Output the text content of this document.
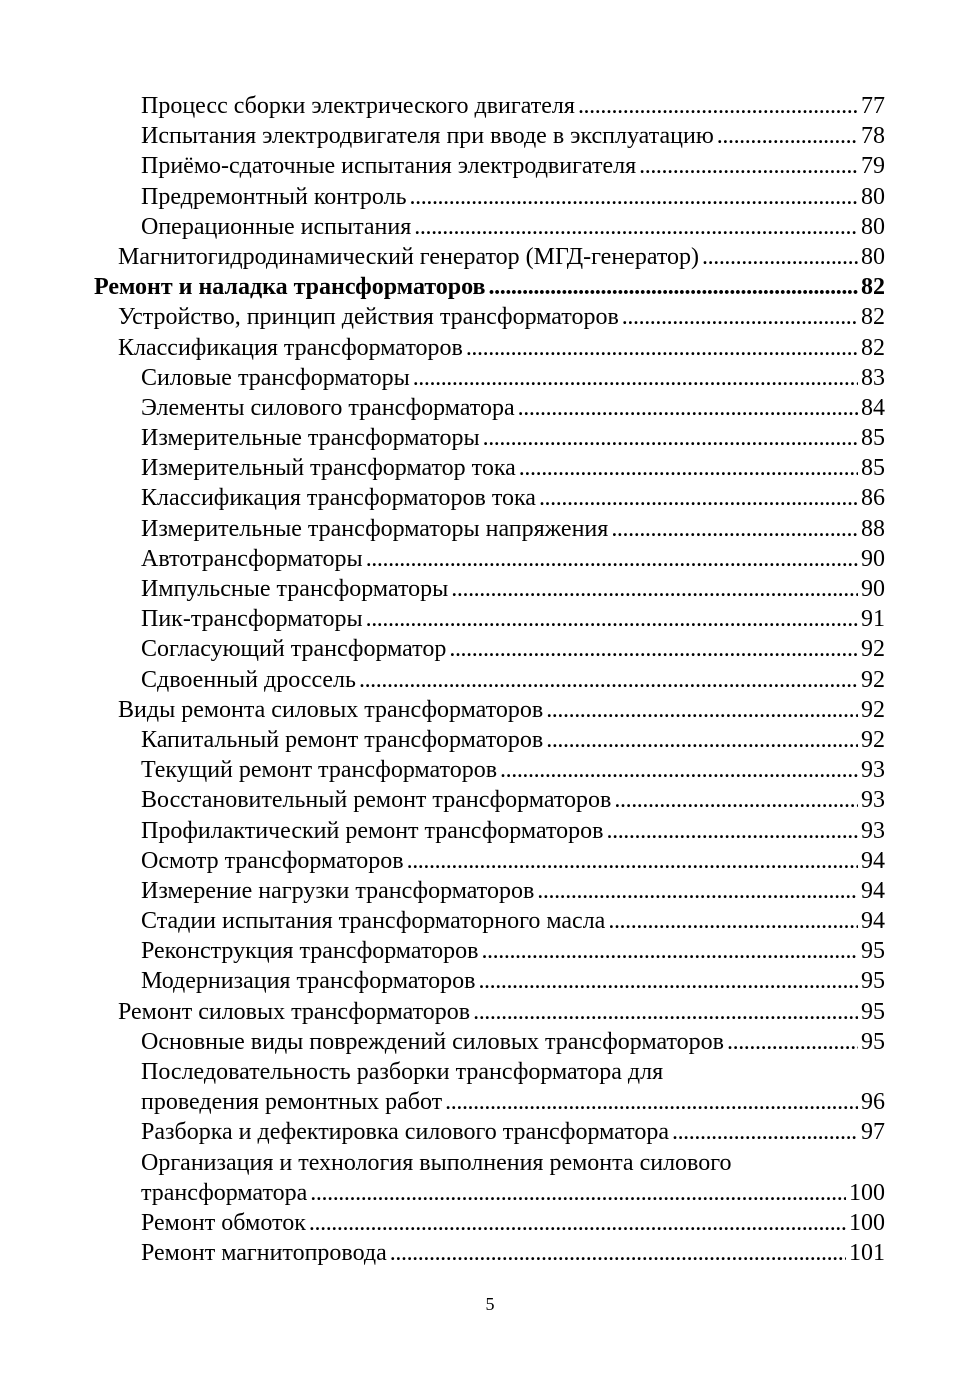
Процесс сборки электрического двигателя . . .	77
Испытания электродвигателя при вводе в эксплуатацию . . .	78
Приёмо-сдаточные испытания электродвигателя . . .	79
Предремонтный контроль . . .	80
Операционные испытания . . .	80
Магнитогидродинамический генератор (МГД-генератор) . . .	80
Ремонт и наладка трансформаторов . . .	82
Устройство, принцип действия трансформаторов . . .	82
Классификация трансформаторов . . .	82
Силовые трансформаторы . . .	83
Элементы силового трансформатора . . .	84
Измерительные трансформаторы . . .	85
Измерительный трансформатор тока . . .	85
Классификация трансформаторов тока . . .	86
Измерительные трансформаторы напряжения . . .	88
Автотрансформаторы . . .	90
Импульсные трансформаторы . . .	90
Пик-трансформаторы . . .	91
Согласующий трансформатор . . .	92
Сдвоенный дроссель . . .	92
Виды ремонта силовых трансформаторов . . .	92
Капитальный ремонт трансформаторов . . .	92
Текущий ремонт трансформаторов . . .	93
Восстановительный ремонт трансформаторов . . .	93
Профилактический ремонт трансформаторов . . .	93
Осмотр трансформаторов . . .	94
Измерение нагрузки трансформаторов . . .	94
Стадии испытания трансформаторного масла . . .	94
Реконструкция трансформаторов . . .	95
Модернизация трансформаторов . . .	95
Ремонт силовых трансформаторов . . .	95
Основные виды повреждений силовых трансформаторов . . .	95
Последовательность разборки трансформатора для
проведения ремонтных работ . . .	96
Разборка и дефектировка силового трансформатора . . .	97
Организация и технология выполнения ремонта силового
трансформатора . . .	100
Ремонт обмоток . . .	100
Ремонт магнитопровода . . .	101
5
